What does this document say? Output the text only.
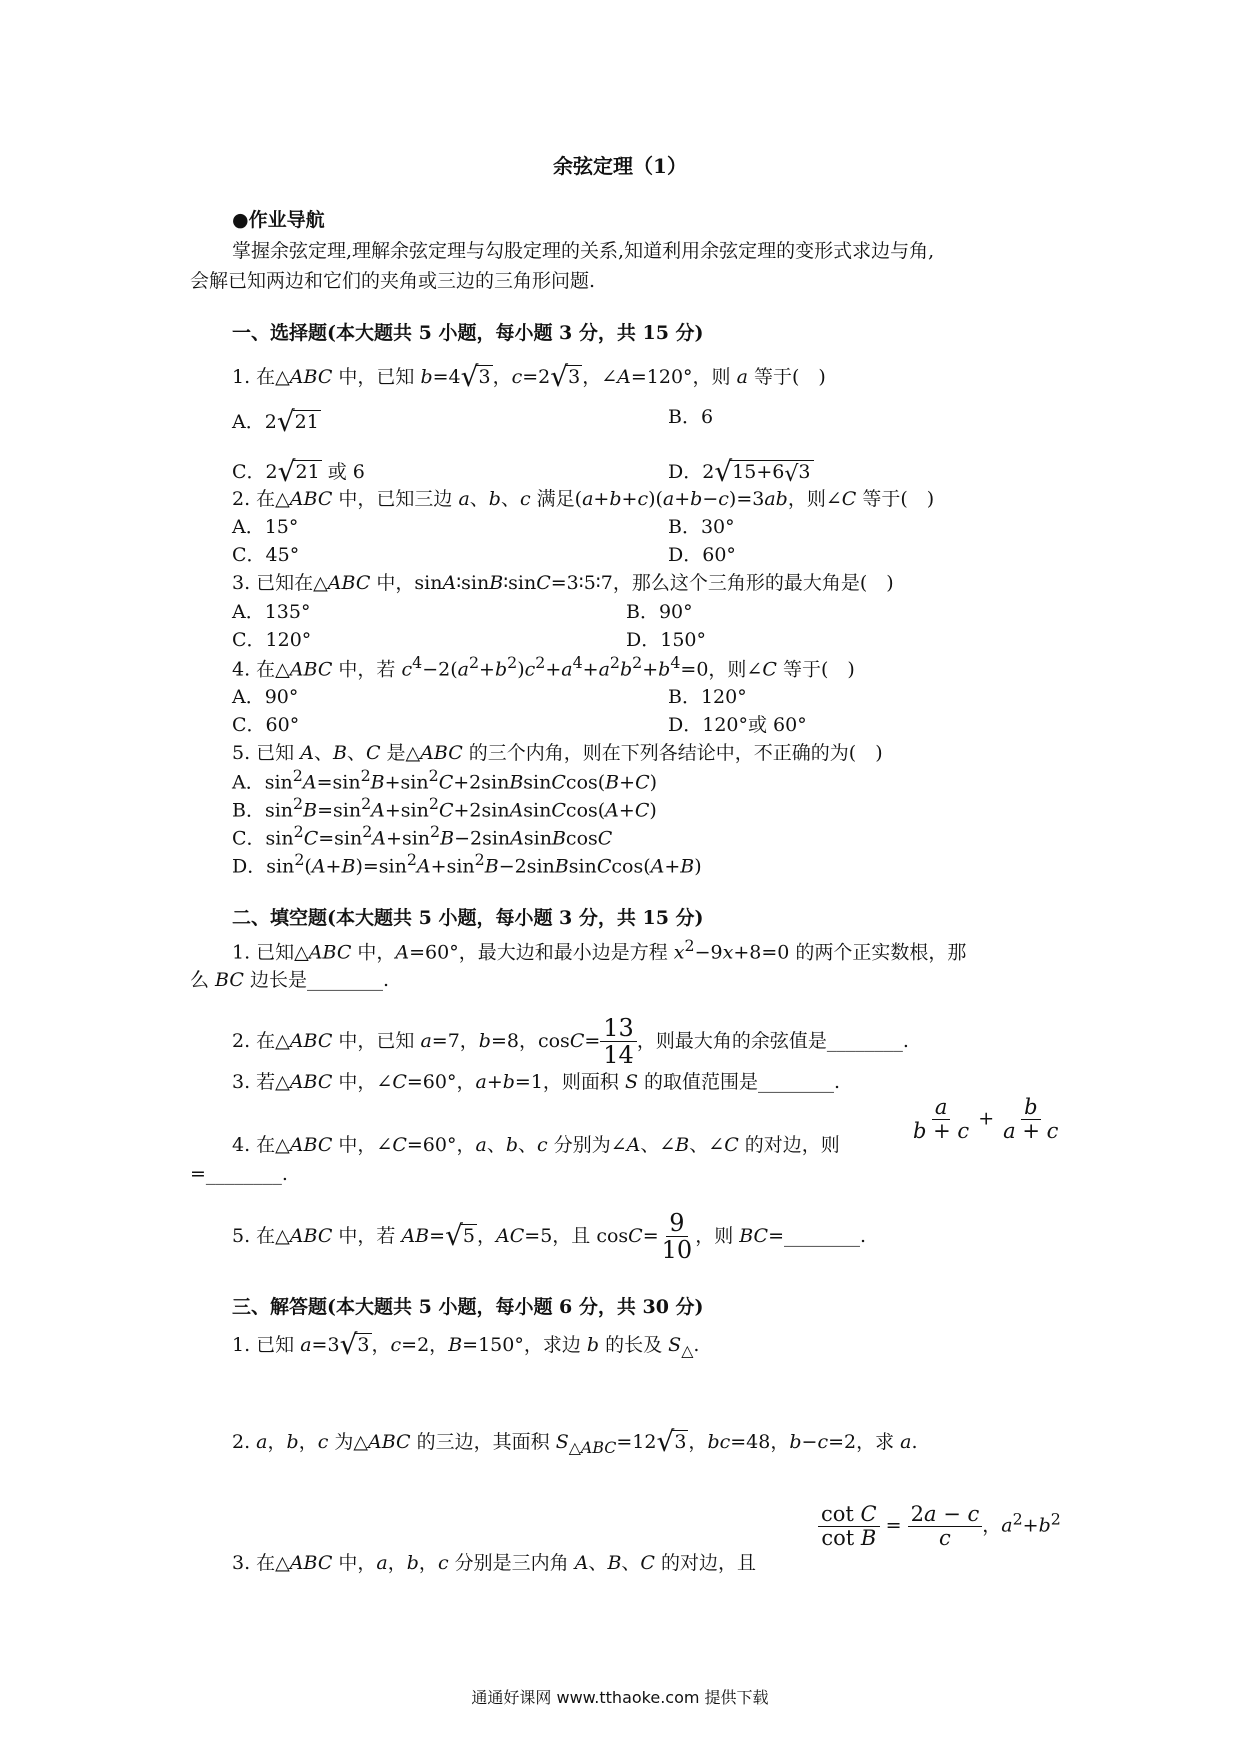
余弦定理（1）
●作业导航
掌握余弦定理,理解余弦定理与勾股定理的关系,知道利用余弦定理的变形式求边与角,
会解已知两边和它们的夹角或三边的三角形问题.
一、选择题(本大题共 5 小题，每小题 3 分，共 15 分)
1. 在△ABC 中，已知 b=4√3 ，c=2√3 ，∠A=120°，则 a 等于(　)
A．2√21	B．6
C．2√21 或 6	D．2√15+6√3
2. 在△ABC 中，已知三边 a、b、c 满足(a+b+c)(a+b−c)=3ab，则∠C 等于(　)
A．15°	B．30°
C．45°	D．60°
3. 已知在△ABC 中，sinA∶sinB∶sinC=3∶5∶7，那么这个三角形的最大角是(　)
A．135°	B．90°
C．120°	D．150°
4. 在△ABC 中，若 $c^4-2(a^2+b^2)c^2+a^4+a^2b^2+b^4=0$，则∠C 等于(　)
A．90°	B．120°
C．60°	D．120°或 60°
5. 已知 A、B、C 是△ABC 的三个内角，则在下列各结论中，不正确的为(　)
A．$\sin^2A=\sin^2B+\sin^2C+2sinBsinCcos(B+C)$
B．$\sin^2B=\sin^2A+\sin^2C+2sinAsinCcos(A+C)$
C．$\sin^2C=\sin^2A+\sin^2B-2sinAsinBcosC$
D．$\sin^2(A+B)=\sin^2A+\sin^2B-2sinBsinCcos(A+B)$
二、填空题(本大题共 5 小题，每小题 3 分，共 15 分)
1. 已知△ABC 中，A=60°，最大边和最小边是方程 $x^2-9x+8=0$ 的两个正实数根，那
么 BC 边长是________.
2. 在△ABC 中，已知 a=7，b=8，$\cos C= \frac{13}{14}$ ，则最大角的余弦值是________.
3. 若△ABC 中，∠C=60°，a+b=1，则面积 S 的取值范围是________.
4. 在△ABC 中，∠C=60°，a、b、c 分别为∠A、∠B、∠C 的对边，则
$\frac{a}{b + c} + \frac{b}{a + c}$
=________.
5. 在△ABC 中，若 AB=√5 ，AC=5，且 $\cos C= \frac{9}{10}$ ，则 BC=________.
三、解答题(本大题共 5 小题，每小题 6 分，共 30 分)
1. 已知 a=3√3 ，c=2，B=150°，求边 b 的长及 $S_\triangle$.
2. a，b，c 为△ABC 的三边，其面积 $S_{\triangle ABC}=12√3$ ，bc=48，b−c=2，求 a.
3. 在△ABC 中，a，b，c 分别是三内角 A、B、C 的对边，且
$\frac{\text{cot C}}{\text{cot B}} = \frac{2a - c}{c}$ ，$a^2+b^2$
通通好课网 www.tthaoke.com 提供下载
